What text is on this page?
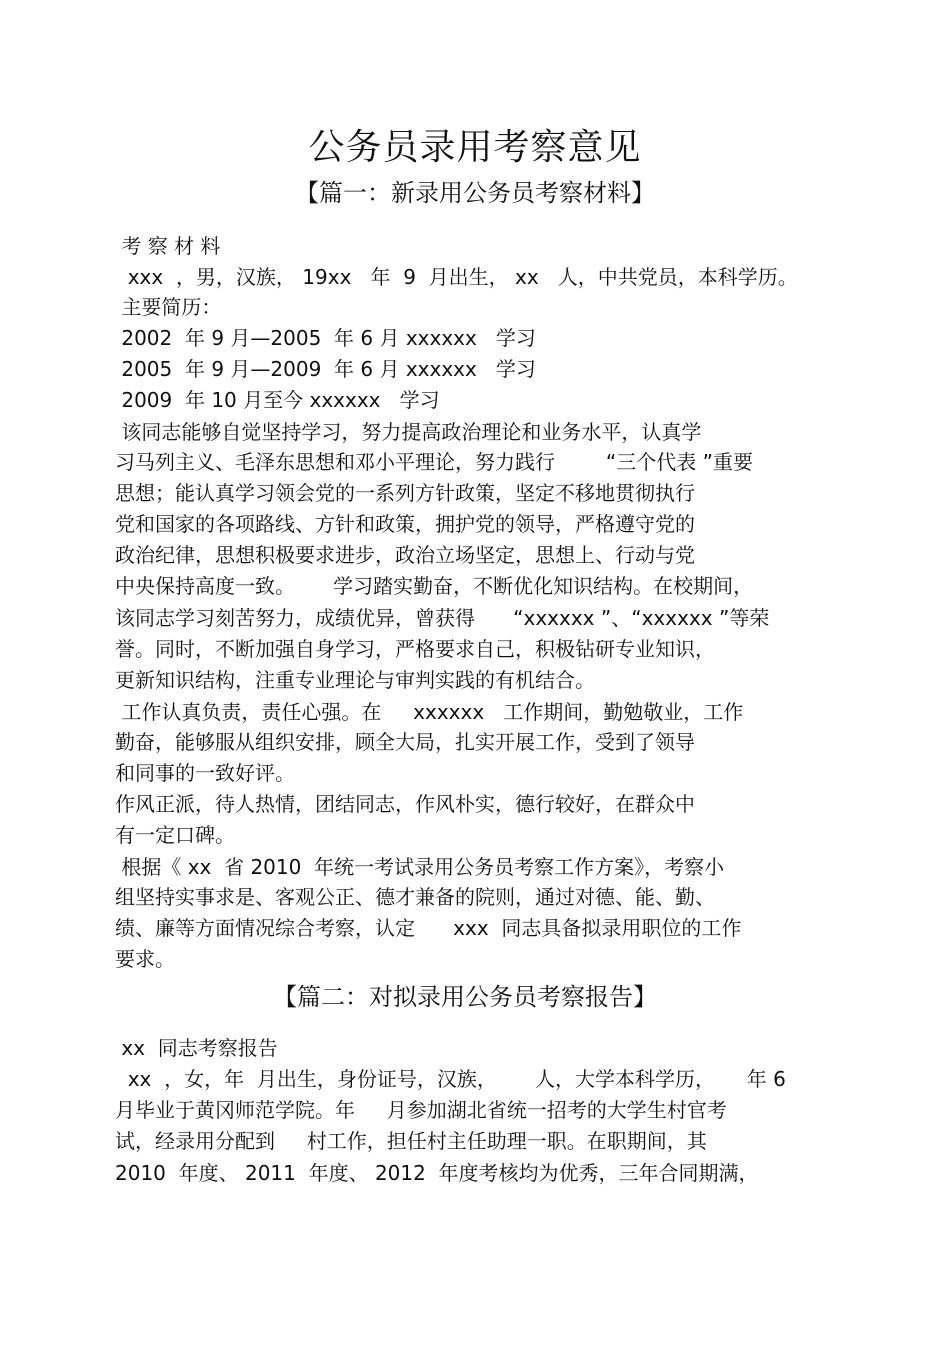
公务员录用考察意见
【篇一：新录用公务员考察材料】
考 察 材 料
xxx  ，男，汉族， 19xx   年  9  月出生， xx   人，中共党员，本科学历。
主要简历：
2002  年 9 月—2005  年 6 月 xxxxxx   学习
2005  年 9 月—2009  年 6 月 xxxxxx   学习
2009  年 10 月至今 xxxxxx   学习
该同志能够自觉坚持学习，努力提高政治理论和业务水平，认真学
习马列主义、毛泽东思想和邓小平理论，努力践行        “三个代表 ”重要
思想；能认真学习领会党的一系列方针政策，坚定不移地贯彻执行
党和国家的各项路线、方针和政策，拥护党的领导，严格遵守党的
政治纪律，思想积极要求进步，政治立场坚定，思想上、行动与党
中央保持高度一致。      学习踏实勤奋，不断优化知识结构。在校期间，
该同志学习刻苦努力，成绩优异，曾获得      “xxxxxx ”、“xxxxxx ”等荣
誉。同时，不断加强自身学习，严格要求自己，积极钻研专业知识，
更新知识结构，注重专业理论与审判实践的有机结合。
工作认真负责，责任心强。在     xxxxxx   工作期间，勤勉敬业，工作
勤奋，能够服从组织安排，顾全大局，扎实开展工作，受到了领导
和同事的一致好评。
作风正派，待人热情，团结同志，作风朴实，德行较好，在群众中
有一定口碑。
根据《 xx  省 2010  年统一考试录用公务员考察工作方案》，考察小
组坚持实事求是、客观公正、德才兼备的院则，通过对德、能、勤、
绩、廉等方面情况综合考察，认定      xxx  同志具备拟录用职位的工作
要求。
【篇二：对拟录用公务员考察报告】
xx  同志考察报告
xx  ，女，年  月出生，身份证号，汉族，      人，大学本科学历，     年 6
月毕业于黄冈师范学院。年     月参加湖北省统一招考的大学生村官考
试，经录用分配到     村工作，担任村主任助理一职。在职期间，其
2010  年度、 2011  年度、 2012  年度考核均为优秀，三年合同期满，
